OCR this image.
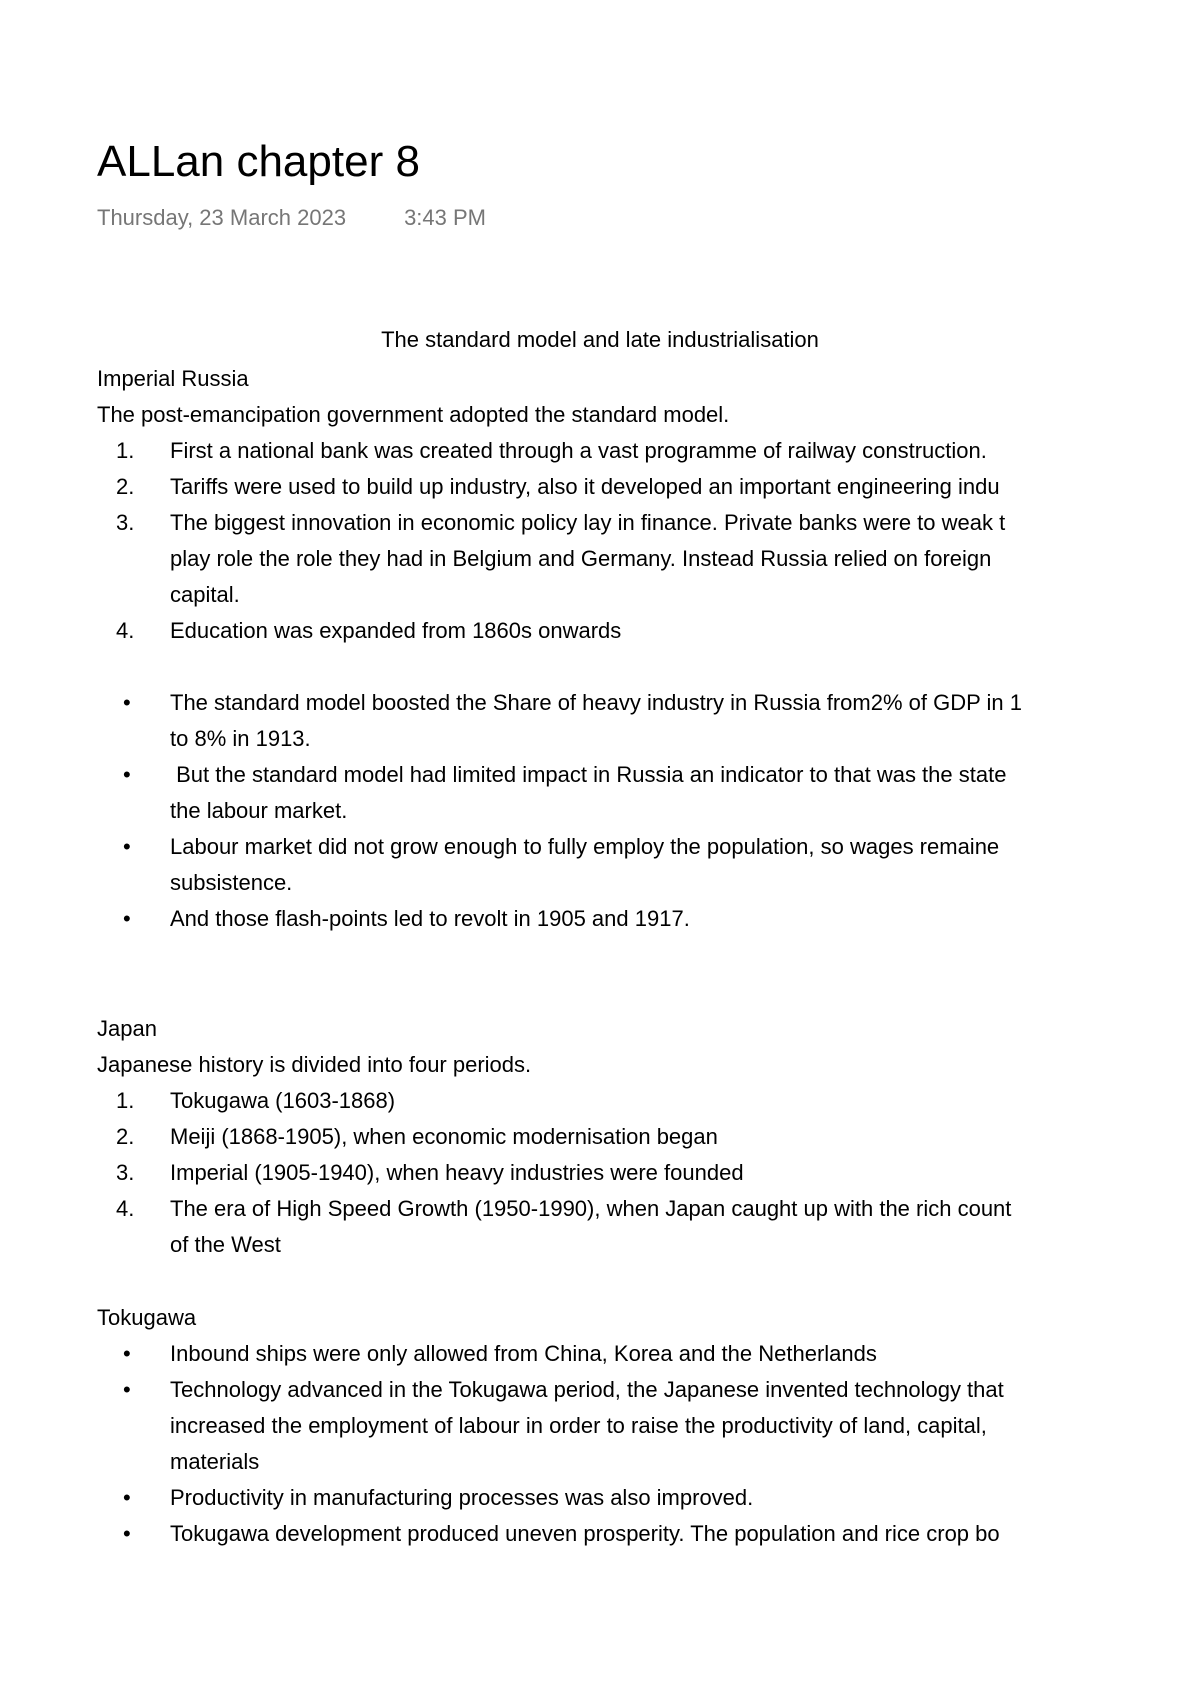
ALLan chapter 8
Thursday, 23 March 2023	3:43 PM
The standard model and late industrialisation
Imperial Russia
The post-emancipation government adopted the standard model.
1.	First a national bank was created through a vast programme of railway construction.
2.	Tariffs were used to build up industry, also it developed an important engineering indu
3.	The biggest innovation in economic policy lay in finance. Private banks were to weak t
play role the role they had in Belgium and Germany. Instead Russia relied on foreign
capital.
4.	Education was expanded from 1860s onwards
• The standard model boosted the Share of heavy industry in Russia from2% of GDP in 1
to 8% in 1913.
• But the standard model had limited impact in Russia an indicator to that was the state
the labour market.
• Labour market did not grow enough to fully employ the population, so wages remaine
subsistence.
• And those flash-points led to revolt in 1905 and 1917.
Japan
Japanese history is divided into four periods.
1.	Tokugawa (1603-1868)
2.	Meiji (1868-1905), when economic modernisation began
3.	Imperial (1905-1940), when heavy industries were founded
4.	The era of High Speed Growth (1950-1990), when Japan caught up with the rich count
of the West
Tokugawa
• Inbound ships were only allowed from China, Korea and the Netherlands
• Technology advanced in the Tokugawa period, the Japanese invented technology that
increased the employment of labour in order to raise the productivity of land, capital,
materials
• Productivity in manufacturing processes was also improved.
• Tokugawa development produced uneven prosperity. The population and rice crop bo
